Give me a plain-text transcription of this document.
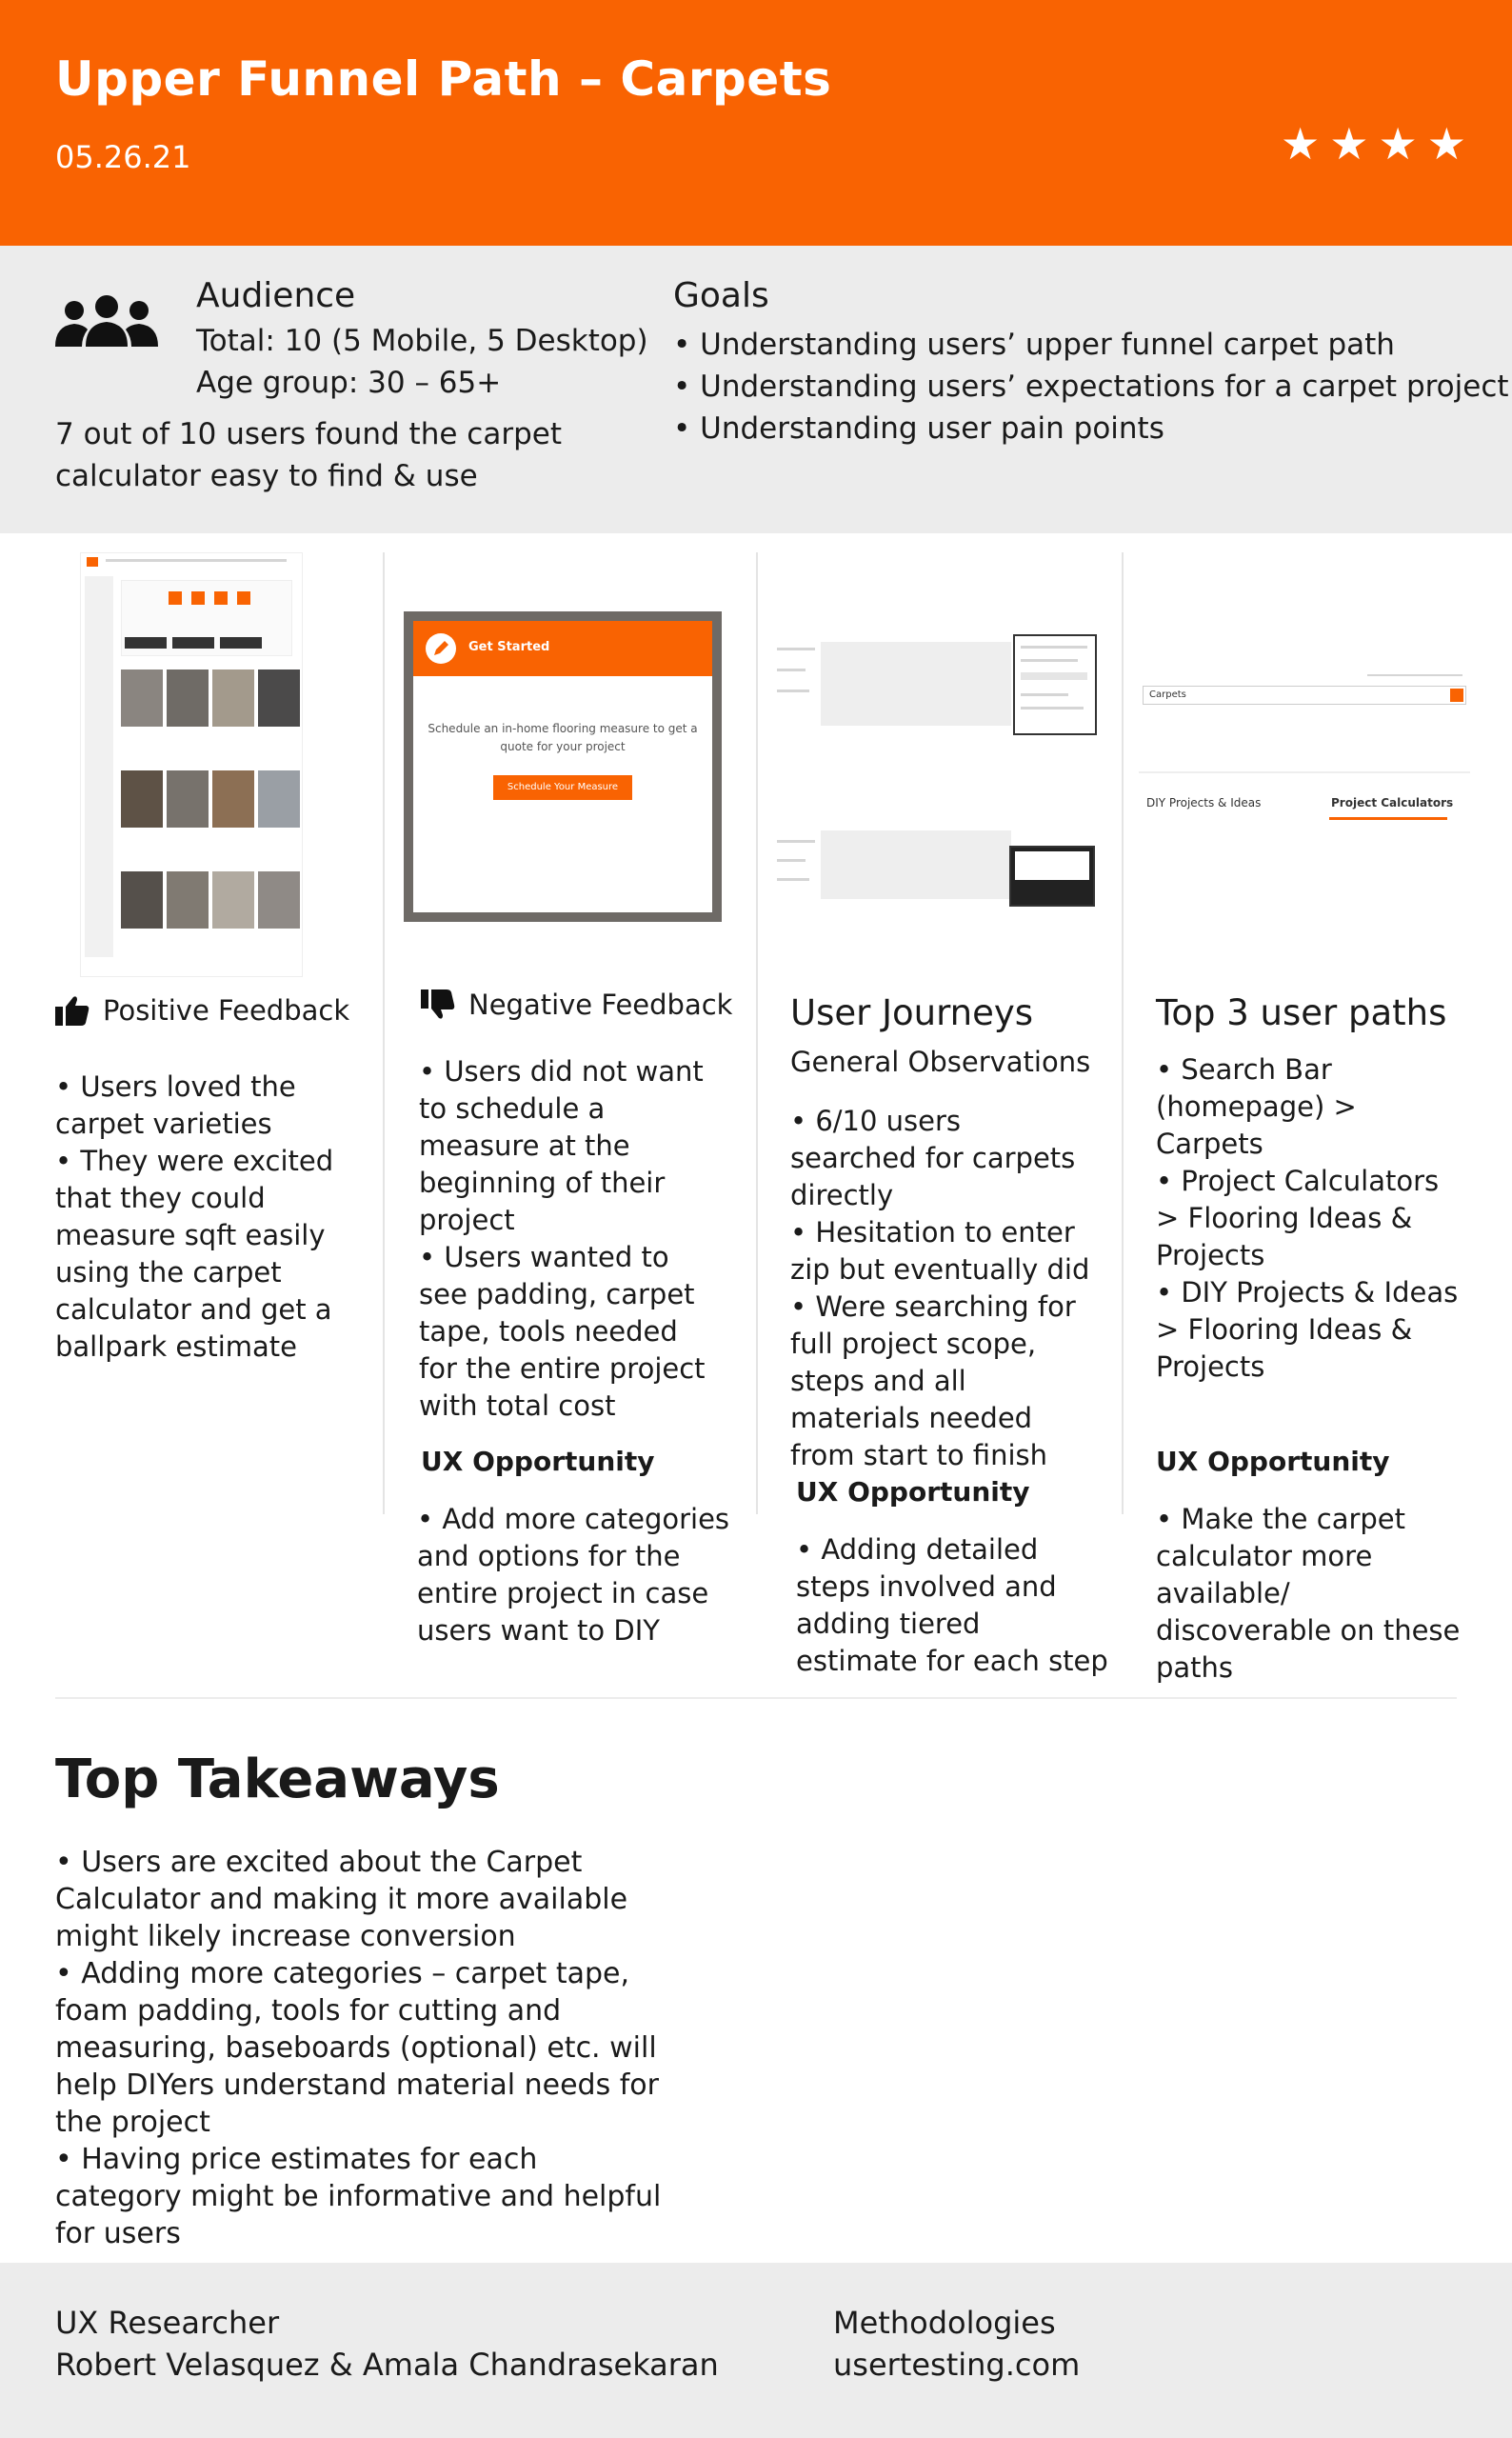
Upper Funnel Path – Carpets
05.26.21	★ ★ ★ ★
Audience
Total: 10 (5 Mobile, 5 Desktop)
Age group: 30 – 65+
7 out of 10 users found the carpet calculator easy to find & use
Goals
• Understanding users’ upper funnel carpet path
• Understanding users’ expectations for a carpet project
• Understanding user pain points
Positive Feedback
• Users loved the carpet varieties
• They were excited that they could measure sqft easily using the carpet calculator and get a ballpark estimate
Get Started
Schedule an in-home flooring measure to get a quote for your project
Schedule Your Measure
Negative Feedback
• Users did not want to schedule a measure at the beginning of their project
• Users wanted to see padding, carpet tape, tools needed for the entire project with total cost
UX Opportunity
• Add more categories and options for the entire project in case users want to DIY
User Journeys
General Observations
• 6/10 users searched for carpets directly
• Hesitation to enter zip but eventually did
• Were searching for full project scope, steps and all materials needed from start to finish
UX Opportunity
• Adding detailed steps involved and adding tiered estimate for each step
Carpets
DIY Projects & Ideas	Project Calculators
Top 3 user paths
• Search Bar (homepage) > Carpets
• Project Calculators > Flooring Ideas & Projects
• DIY Projects & Ideas > Flooring Ideas & Projects
UX Opportunity
• Make the carpet calculator more available/ discoverable on these paths
Top Takeaways
• Users are excited about the Carpet Calculator and making it more available might likely increase conversion
• Adding more categories – carpet tape, foam padding, tools for cutting and measuring, baseboards (optional) etc. will help DIYers understand material needs for the project
• Having price estimates for each category might be informative and helpful for users
UX Researcher
Robert Velasquez & Amala Chandrasekaran
Methodologies
usertesting.com
